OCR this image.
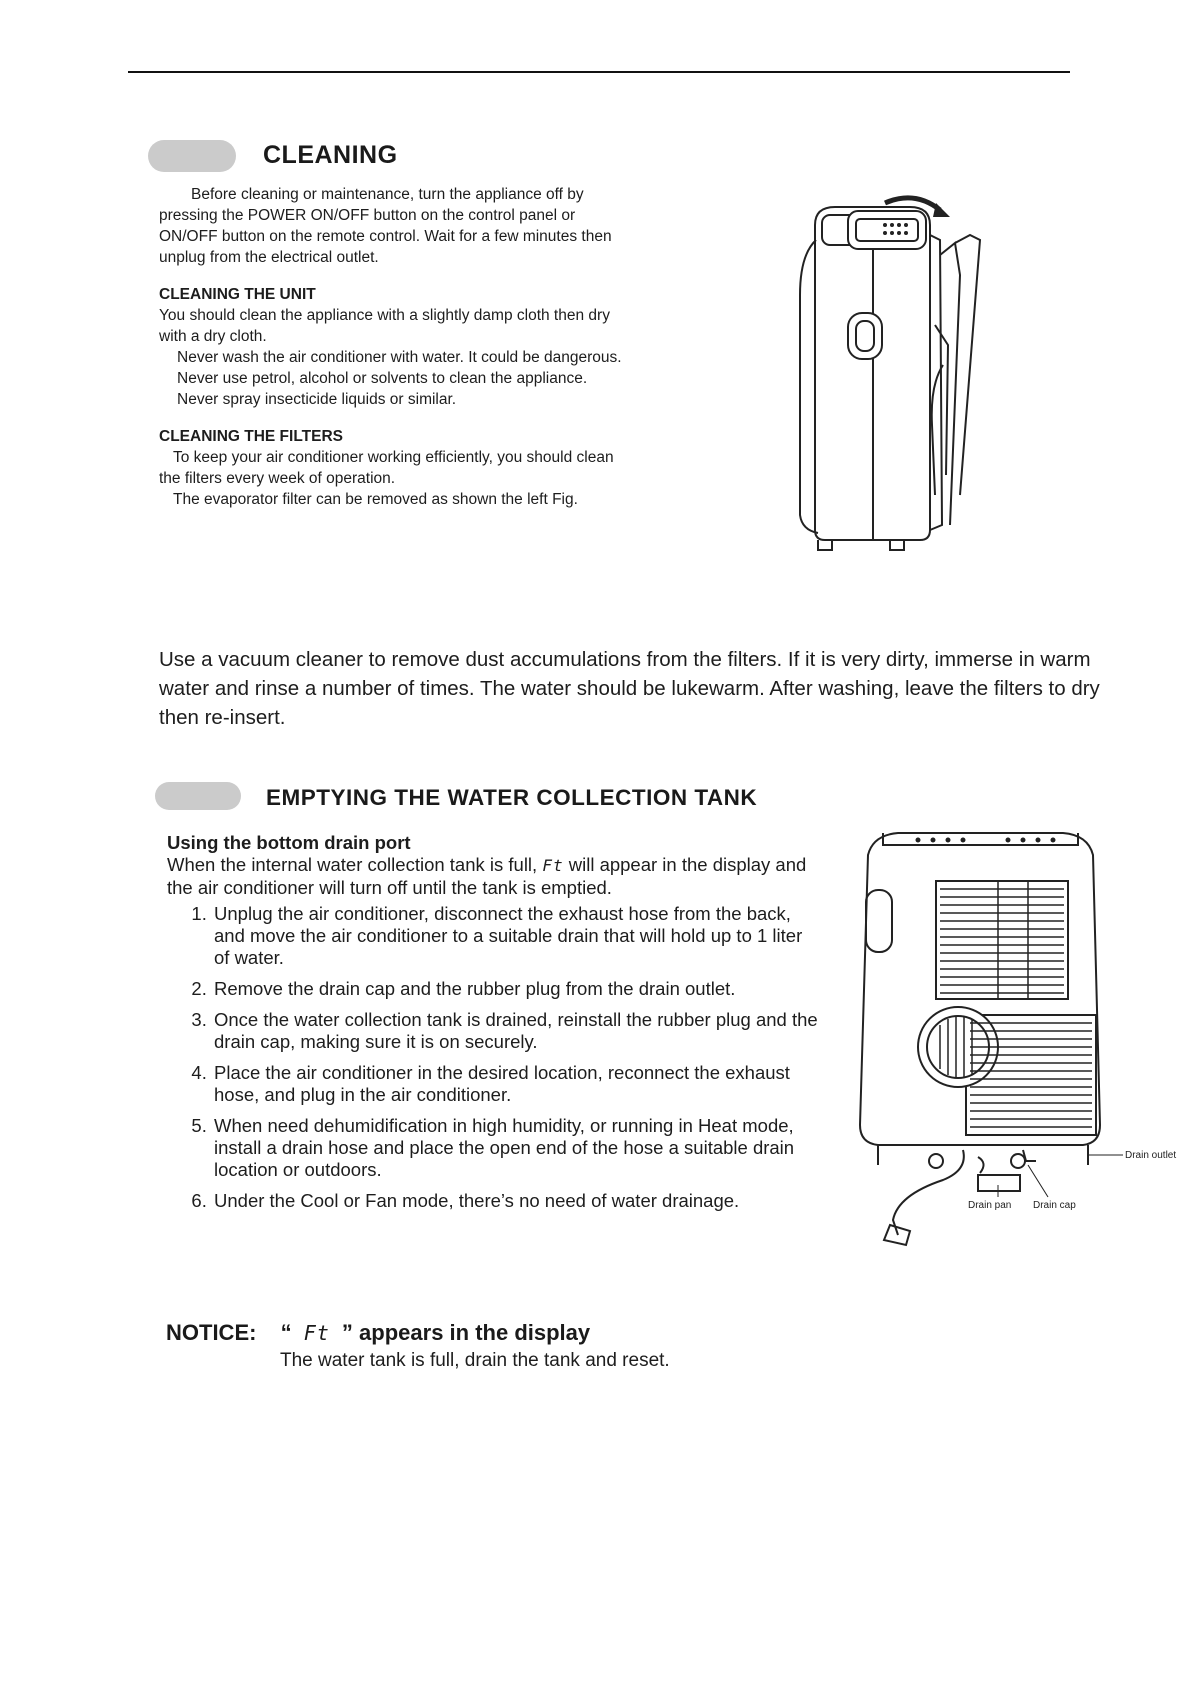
CLEANING

Before cleaning or maintenance, turn the appliance off by pressing the POWER ON/OFF button on the control panel or ON/OFF button on the remote control. Wait for a few minutes then unplug from the electrical outlet.

CLEANING THE UNIT

You should clean the appliance with a slightly damp cloth then dry with a dry cloth.

Never wash the air conditioner with water. It could be dangerous.

Never use petrol, alcohol or solvents to clean the appliance.

Never spray insecticide liquids or similar.

CLEANING THE FILTERS

To keep your air conditioner working efficiently, you should clean the filters every week of operation.

The evaporator filter can be removed as shown the left Fig.

Use a vacuum cleaner to remove dust accumulations from the filters. If it is very dirty, immerse in warm water and rinse a number of times. The water should be lukewarm. After washing, leave the filters to dry then re-insert.
EMPTYING THE WATER COLLECTION TANK
Using the bottom drain port
When the internal water collection tank is full, Ft will appear in the display and the air conditioner will turn off until the tank is emptied.
1. Unplug the air conditioner, disconnect the exhaust hose from the back, and move the air conditioner to a suitable drain that will hold up to 1 liter of water.
2. Remove the drain cap and the rubber plug from the drain outlet.
3. Once the water collection tank is drained, reinstall the rubber plug and the drain cap, making sure it is on securely.
4. Place the air conditioner in the desired location, reconnect the exhaust hose, and plug in the air conditioner.
5. When need dehumidification in high humidity, or running in Heat mode, install a drain hose and place the open end of the hose a suitable drain location or outdoors.
6. Under the Cool or Fan mode, there’s no need of water drainage.
Drain outlet
Drain pan Drain cap
NOTICE: “ Ft ” appears in the display
The water tank is full, drain the tank and reset.
